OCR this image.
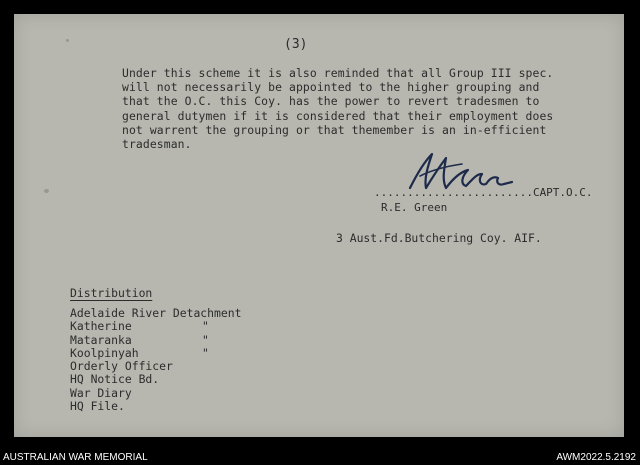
(3)

Under this scheme it is also reminded that all Group III spec.
will not necessarily be appointed to the higher grouping and
that the O.C. this Coy. has the power to revert tradesmen to
general dutymen if it is considered that their employment does
not warrent the grouping or that themember is an in-efficient
tradesman.

........................CAPT.O.C.
R.E. Green
3 Aust.Fd.Butchering Coy. AIF.
Distribution
Adelaide River Detachment
Katherine	"
Mataranka	"
Koolpinyah	"
Orderly Officer
HQ Notice Bd.
War Diary
HQ File.
AUSTRALIAN WAR MEMORIAL	AWM2022.5.2192
